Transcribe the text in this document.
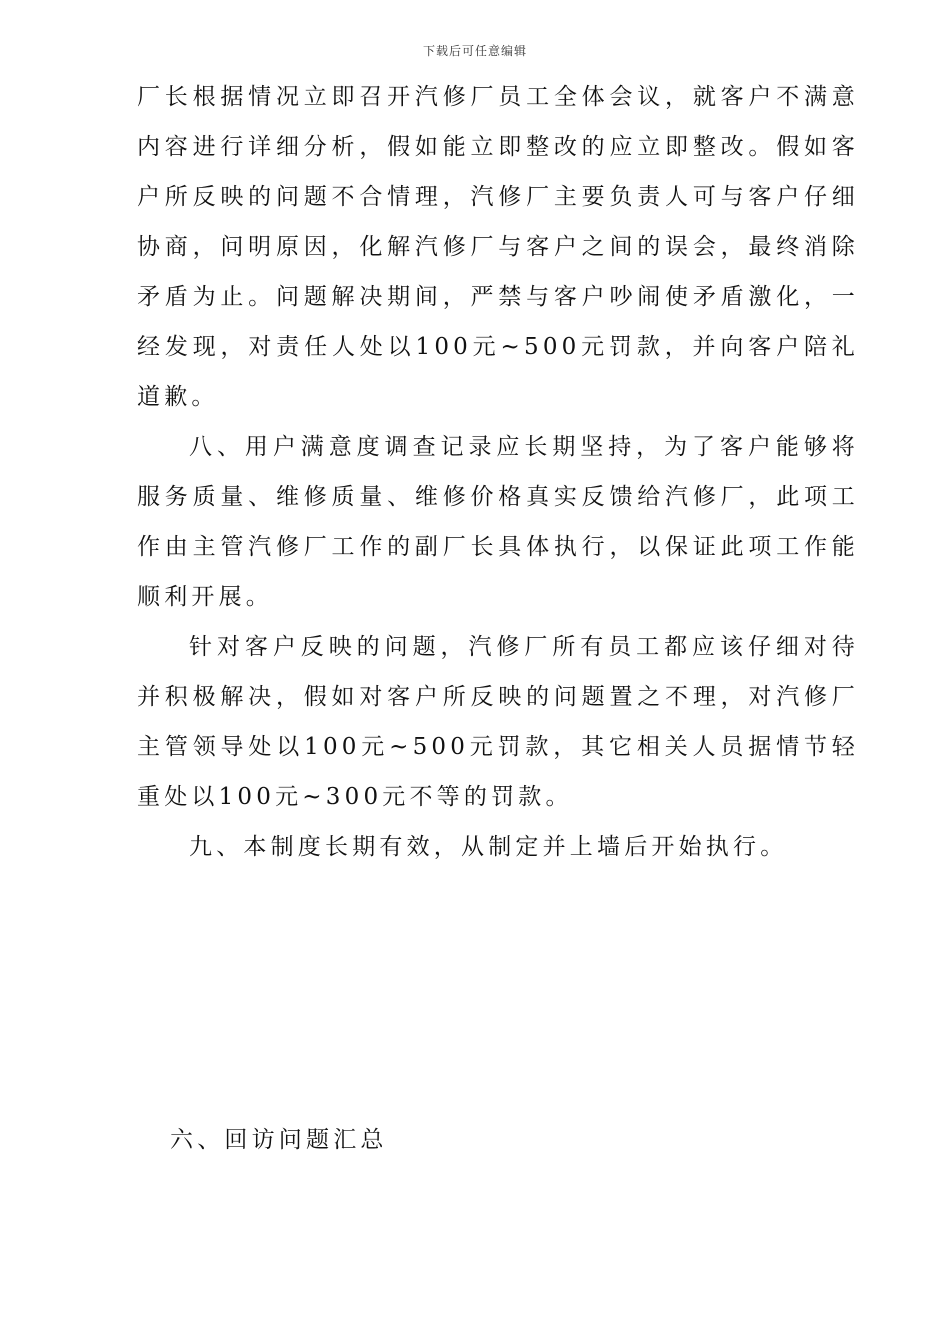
下载后可任意编辑

厂长根据情况立即召开汽修厂员工全体会议，就客户不满意内容进行详细分析，假如能立即整改的应立即整改。假如客户所反映的问题不合情理，汽修厂主要负责人可与客户仔细协商，问明原因，化解汽修厂与客户之间的误会，最终消除矛盾为止。问题解决期间，严禁与客户吵闹使矛盾激化，一经发现，对责任人处以100元~500元罚款，并向客户陪礼道歉。

八、用户满意度调查记录应长期坚持，为了客户能够将服务质量、维修质量、维修价格真实反馈给汽修厂，此项工作由主管汽修厂工作的副厂长具体执行，以保证此项工作能顺利开展。

针对客户反映的问题，汽修厂所有员工都应该仔细对待并积极解决，假如对客户所反映的问题置之不理，对汽修厂主管领导处以100元~500元罚款，其它相关人员据情节轻重处以100元~300元不等的罚款。

九、本制度长期有效，从制定并上墙后开始执行。

六、回访问题汇总
